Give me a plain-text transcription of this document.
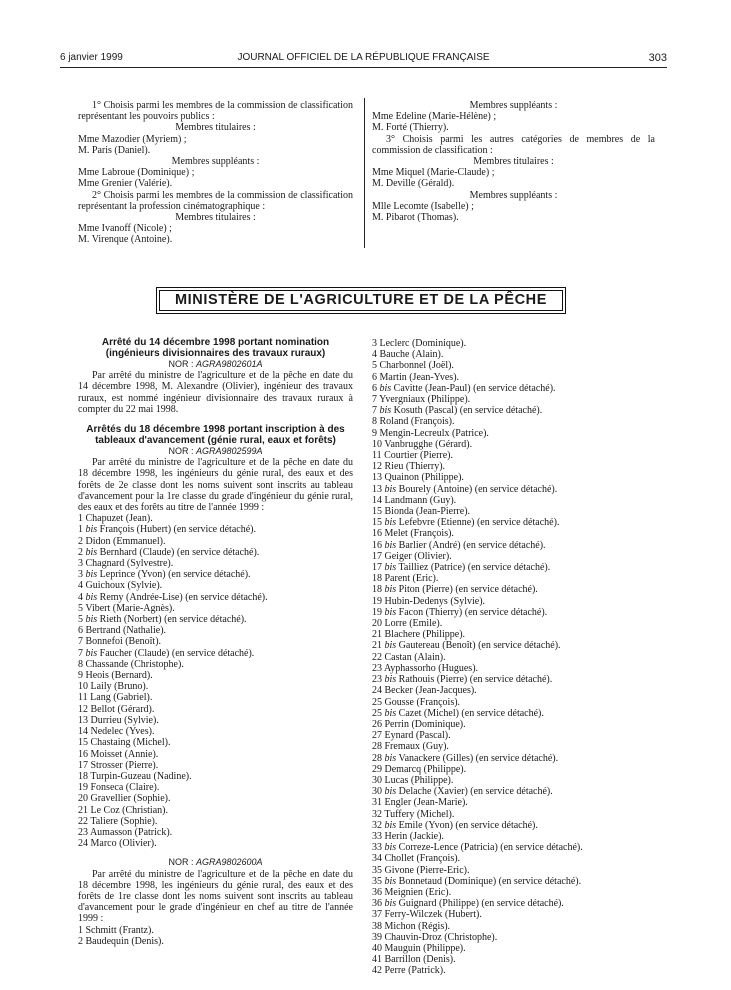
6 janvier 1999	JOURNAL OFFICIEL DE LA RÉPUBLIQUE FRANÇAISE	303

1° Choisis parmi les membres de la commission de classification représentant les pouvoirs publics :

Membres titulaires :

Mme Mazodier (Myriem) ;

M. Paris (Daniel).

Membres suppléants :

Mme Labroue (Dominique) ;

Mme Grenier (Valérie).

2° Choisis parmi les membres de la commission de classification représentant la profession cinématographique :

Membres titulaires :

Mme Ivanoff (Nicole) ;

M. Virenque (Antoine).

Membres suppléants :

Mme Edeline (Marie-Hélène) ;

M. Forté (Thierry).

3° Choisis parmi les autres catégories de membres de la commission de classification :

Membres titulaires :

Mme Miquel (Marie-Claude) ;

M. Deville (Gérald).

Membres suppléants :

Mlle Lecomte (Isabelle) ;

M. Pibarot (Thomas).

MINISTÈRE DE L'AGRICULTURE ET DE LA PÊCHE

Arrêté du 14 décembre 1998 portant nomination (ingénieurs divisionnaires des travaux ruraux)

NOR : AGRA9802601A

Par arrêté du ministre de l'agriculture et de la pêche en date du 14 décembre 1998, M. Alexandre (Olivier), ingénieur des travaux ruraux, est nommé ingénieur divisionnaire des travaux ruraux à compter du 22 mai 1998.

Arrêtés du 18 décembre 1998 portant inscription à des tableaux d'avancement (génie rural, eaux et forêts)

NOR : AGRA9802599A

Par arrêté du ministre de l'agriculture et de la pêche en date du 18 décembre 1998, les ingénieurs du génie rural, des eaux et des forêts de 2e classe dont les noms suivent sont inscrits au tableau d'avancement pour la 1re classe du grade d'ingénieur du génie rural, des eaux et des forêts au titre de l'année 1999 :

1 Chapuzet (Jean).
1 bis François (Hubert) (en service détaché).
2 Didon (Emmanuel).
2 bis Bernhard (Claude) (en service détaché).
3 Chagnard (Sylvestre).
3 bis Leprince (Yvon) (en service détaché).
4 Guichoux (Sylvie).
4 bis Remy (Andrée-Lise) (en service détaché).
5 Vibert (Marie-Agnès).
5 bis Rieth (Norbert) (en service détaché).
6 Bertrand (Nathalie).
7 Bonnefoi (Benoît).
7 bis Faucher (Claude) (en service détaché).
8 Chassande (Christophe).
9 Heois (Bernard).
10 Laily (Bruno).
11 Lang (Gabriel).
12 Bellot (Gérard).
13 Durrieu (Sylvie).
14 Nedelec (Yves).
15 Chastaing (Michel).
16 Moisset (Annie).
17 Strosser (Pierre).
18 Turpin-Guzeau (Nadine).
19 Fonseca (Claire).
20 Gravellier (Sophie).
21 Le Coz (Christian).
22 Taliere (Sophie).
23 Aumasson (Patrick).
24 Marco (Olivier).

NOR : AGRA9802600A

Par arrêté du ministre de l'agriculture et de la pêche en date du 18 décembre 1998, les ingénieurs du génie rural, des eaux et des forêts de 1re classe dont les noms suivent sont inscrits au tableau d'avancement pour le grade d'ingénieur en chef au titre de l'année 1999 :

1 Schmitt (Frantz).
2 Baudequin (Denis).
3 Leclerc (Dominique).
4 Bauche (Alain).
5 Charbonnel (Joël).
6 Martin (Jean-Yves).
6 bis Cavitte (Jean-Paul) (en service détaché).
7 Yvergniaux (Philippe).
7 bis Kosuth (Pascal) (en service détaché).
8 Roland (François).
9 Mengin-Lecreulx (Patrice).
10 Vanbrugghe (Gérard).
11 Courtier (Pierre).
12 Rieu (Thierry).
13 Quainon (Philippe).
13 bis Bourely (Antoine) (en service détaché).
14 Landmann (Guy).
15 Bionda (Jean-Pierre).
15 bis Lefebvre (Etienne) (en service détaché).
16 Melet (François).
16 bis Barlier (André) (en service détaché).
17 Geiger (Olivier).
17 bis Tailliez (Patrice) (en service détaché).
18 Parent (Eric).
18 bis Piton (Pierre) (en service détaché).
19 Hubin-Dedenys (Sylvie).
19 bis Facon (Thierry) (en service détaché).
20 Lorre (Emile).
21 Blachere (Philippe).
21 bis Gautereau (Benoît) (en service détaché).
22 Castan (Alain).
23 Ayphassorho (Hugues).
23 bis Rathouis (Pierre) (en service détaché).
24 Becker (Jean-Jacques).
25 Gousse (François).
25 bis Cazet (Michel) (en service détaché).
26 Perrin (Dominique).
27 Eynard (Pascal).
28 Fremaux (Guy).
28 bis Vanackere (Gilles) (en service détaché).
29 Demarcq (Philippe).
30 Lucas (Philippe).
30 bis Delache (Xavier) (en service détaché).
31 Engler (Jean-Marie).
32 Tuffery (Michel).
32 bis Emile (Yvon) (en service détaché).
33 Herin (Jackie).
33 bis Correze-Lence (Patricia) (en service détaché).
34 Chollet (François).
35 Givone (Pierre-Eric).
35 bis Bonnetaud (Dominique) (en service détaché).
36 Meignien (Eric).
36 bis Guignard (Philippe) (en service détaché).
37 Ferry-Wilczek (Hubert).
38 Michon (Régis).
39 Chauvin-Droz (Christophe).
40 Mauguin (Philippe).
41 Barrillon (Denis).
42 Perre (Patrick).
